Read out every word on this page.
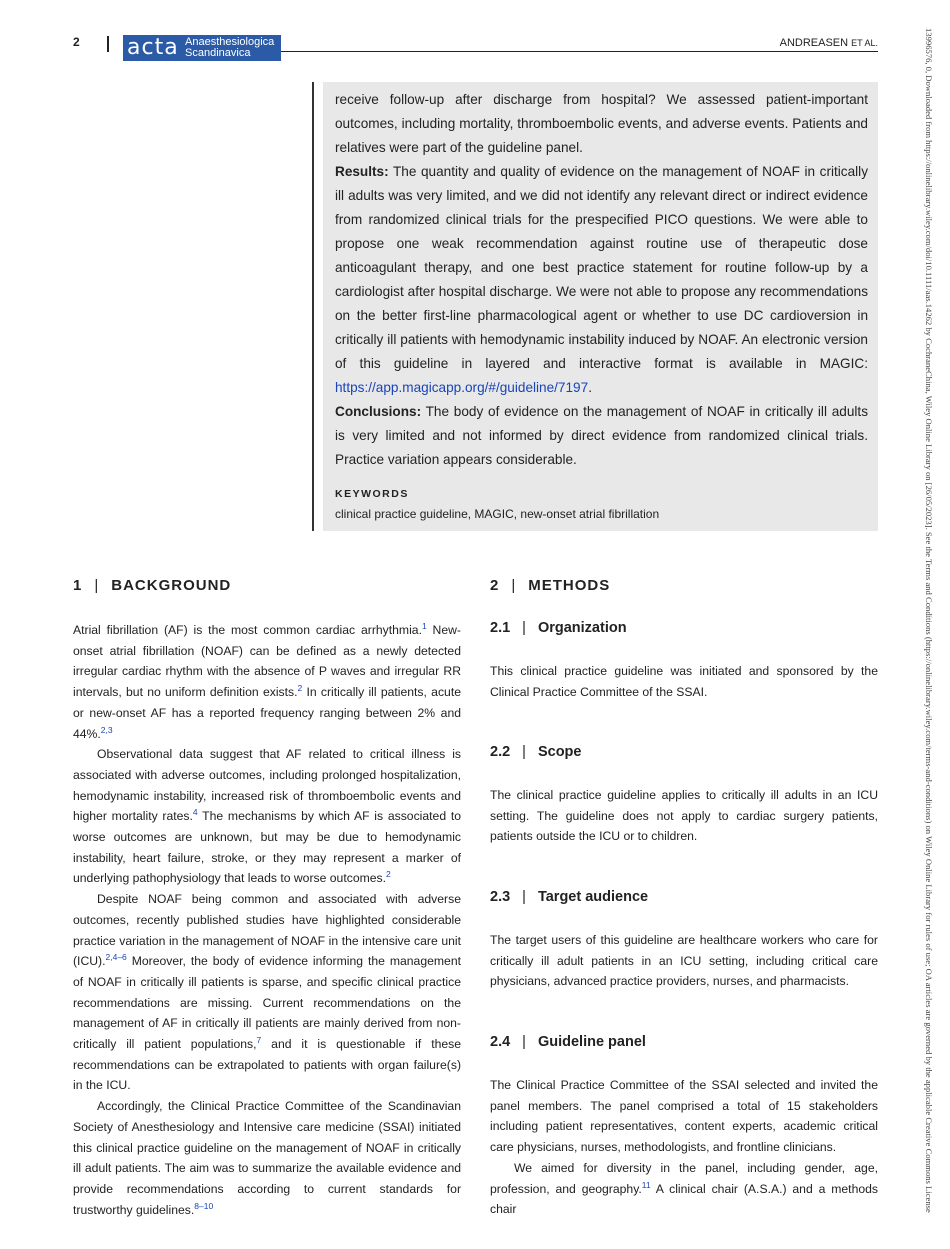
2 acta Anaesthesiologica
Scandinavica
ANDREASEN ET AL.	13996576, 0, Downloaded from https://onlinelibrary.wiley.com/doi/10.1111/aas.14262 by CochraneChina, Wiley Online Library on [26/05/2023]. See the Terms and Conditions (https://onlinelibrary.wiley.com/terms-and-conditions) on Wiley Online Library for rules of use; OA articles are governed by the applicable Creative Commons License

receive follow-up after discharge from hospital? We assessed patient-important outcomes, including mortality, thromboembolic events, and adverse events. Patients and relatives were part of the guideline panel.

Results: The quantity and quality of evidence on the management of NOAF in critically ill adults was very limited, and we did not identify any relevant direct or indirect evidence from randomized clinical trials for the prespecified PICO questions. We were able to propose one weak recommendation against routine use of therapeutic dose anticoagulant therapy, and one best practice statement for routine follow-up by a cardiologist after hospital discharge. We were not able to propose any recommendations on the better first-line pharmacological agent or whether to use DC cardioversion in critically ill patients with hemodynamic instability induced by NOAF. An electronic version of this guideline in layered and interactive format is available in MAGIC: https://app.magicapp.org/#/guideline/7197.

Conclusions: The body of evidence on the management of NOAF in critically ill adults is very limited and not informed by direct evidence from randomized clinical trials. Practice variation appears considerable.

KEYWORDS
clinical practice guideline, MAGIC, new-onset atrial fibrillation
1 | BACKGROUND

Atrial fibrillation (AF) is the most common cardiac arrhythmia.$^1$ New-onset atrial fibrillation (NOAF) can be defined as a newly detected irregular cardiac rhythm with the absence of P waves and irregular RR intervals, but no uniform definition exists.$^2$ In critically ill patients, acute or new-onset AF has a reported frequency ranging between 2% and 44%.$^{2,3}$

Observational data suggest that AF related to critical illness is associated with adverse outcomes, including prolonged hospitalization, hemodynamic instability, increased risk of thromboembolic events and higher mortality rates.$^4$ The mechanisms by which AF is associated to worse outcomes are unknown, but may be due to hemodynamic instability, heart failure, stroke, or they may represent a marker of underlying pathophysiology that leads to worse outcomes.$^2$

Despite NOAF being common and associated with adverse outcomes, recently published studies have highlighted considerable practice variation in the management of NOAF in the intensive care unit (ICU).$^{2,4-6}$ Moreover, the body of evidence informing the management of NOAF in critically ill patients is sparse, and specific clinical practice recommendations are missing. Current recommendations on the management of AF in critically ill patients are mainly derived from non-critically ill patient populations,$^7$ and it is questionable if these recommendations can be extrapolated to patients with organ failure(s) in the ICU.

Accordingly, the Clinical Practice Committee of the Scandinavian Society of Anesthesiology and Intensive care medicine (SSAI) initiated this clinical practice guideline on the management of NOAF in critically ill adult patients. The aim was to summarize the available evidence and provide recommendations according to current standards for trustworthy guidelines.$^{8-10}$

2 | METHODS
2.1 | Organization

This clinical practice guideline was initiated and sponsored by the Clinical Practice Committee of the SSAI.

2.2 | Scope

The clinical practice guideline applies to critically ill adults in an ICU setting. The guideline does not apply to cardiac surgery patients, patients outside the ICU or to children.

2.3 | Target audience

The target users of this guideline are healthcare workers who care for critically ill adult patients in an ICU setting, including critical care physicians, advanced practice providers, nurses, and pharmacists.

2.4 | Guideline panel

The Clinical Practice Committee of the SSAI selected and invited the panel members. The panel comprised a total of 15 stakeholders including patient representatives, content experts, academic critical care physicians, nurses, methodologists, and frontline clinicians.

We aimed for diversity in the panel, including gender, age, profession, and geography.$^{11}$ A clinical chair (A.S.A.) and a methods chair
